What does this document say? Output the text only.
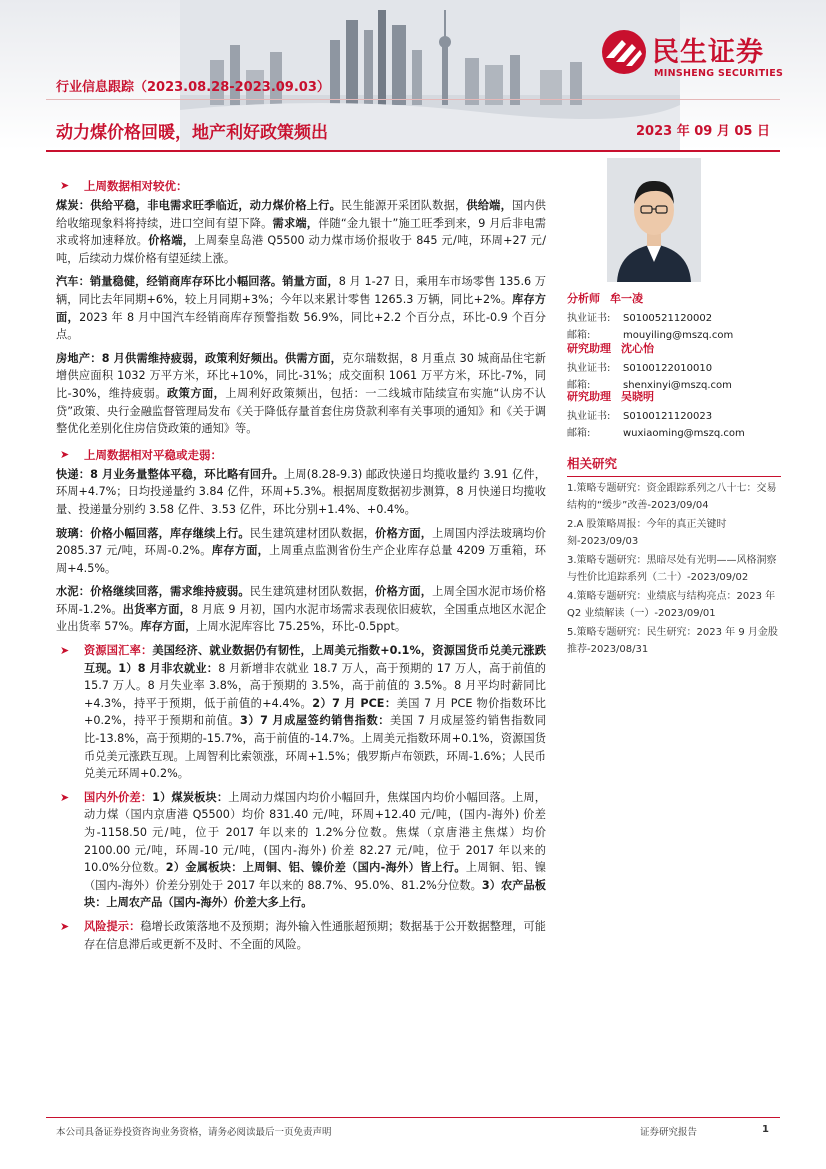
民生证券
MINSHENG SECURITIES
行业信息跟踪（2023.08.28-2023.09.03）
动力煤价格回暖，地产利好政策频出	2023 年 09 月 05 日
➤ 上周数据相对较优：
煤炭：供给平稳，非电需求旺季临近，动力煤价格上行。民生能源开采团队数据，供给端，国内供给收缩现象料将持续，进口空间有望下降。需求端，伴随“金九银十”施工旺季到来，9 月后非电需求或将加速释放。价格端，上周秦皇岛港 Q5500 动力煤市场价报收于 845 元/吨，环周+27 元/吨，后续动力煤价格有望延续上涨。
汽车：销量稳健，经销商库存环比小幅回落。销量方面，8 月 1-27 日，乘用车市场零售 135.6 万辆，同比去年同期+6%，较上月同期+3%；今年以来累计零售 1265.3 万辆，同比+2%。库存方面，2023 年 8 月中国汽车经销商库存预警指数 56.9%，同比+2.2 个百分点，环比-0.9 个百分点。
房地产：8 月供需维持疲弱，政策利好频出。供需方面，克尔瑞数据，8 月重点 30 城商品住宅新增供应面积 1032 万平方米，环比+10%，同比-31%；成交面积 1061 万平方米，环比-7%，同比-30%，维持疲弱。政策方面，上周利好政策频出，包括：一二线城市陆续宣布实施“认房不认贷”政策、央行金融监督管理局发布《关于降低存量首套住房贷款利率有关事项的通知》和《关于调整优化差别化住房信贷政策的通知》等。
➤ 上周数据相对平稳或走弱：
快递：8 月业务量整体平稳，环比略有回升。上周(8.28-9.3) 邮政快递日均揽收量约 3.91 亿件，环周+4.7%；日均投递量约 3.84 亿件，环周+5.3%。根据周度数据初步测算，8 月快递日均揽收量、投递量分别约 3.58 亿件、3.53 亿件，环比分别+1.4%、+0.4%。
玻璃：价格小幅回落，库存继续上行。民生建筑建材团队数据，价格方面，上周国内浮法玻璃均价 2085.37 元/吨，环周-0.2%。库存方面，上周重点监测省份生产企业库存总量 4209 万重箱，环周+4.5%。
水泥：价格继续回落，需求维持疲弱。民生建筑建材团队数据，价格方面，上周全国水泥市场价格环周-1.2%。出货率方面，8 月底 9 月初，国内水泥市场需求表现依旧疲软，全国重点地区水泥企业出货率 57%。库存方面，上周水泥库容比 75.25%，环比-0.5ppt。
➤ 资源国汇率：美国经济、就业数据仍有韧性，上周美元指数+0.1%，资源国货币兑美元涨跌互现。1）8 月非农就业：8 月新增非农就业 18.7 万人，高于预期的 17 万人，高于前值的 15.7 万人。8 月失业率 3.8%，高于预期的 3.5%，高于前值的 3.5%。8 月平均时薪同比+4.3%，持平于预期，低于前值的+4.4%。2）7 月 PCE：美国 7 月 PCE 物价指数环比+0.2%，持平于预期和前值。3）7 月成屋签约销售指数：美国 7 月成屋签约销售指数同比-13.8%，高于预期的-15.7%，高于前值的-14.7%。上周美元指数环周+0.1%，资源国货币兑美元涨跌互现。上周智利比索领涨，环周+1.5%；俄罗斯卢布领跌，环周-1.6%；人民币兑美元环周+0.2%。
➤ 国内外价差：1）煤炭板块：上周动力煤国内均价小幅回升，焦煤国内均价小幅回落。上周，动力煤（国内京唐港 Q5500）均价 831.40 元/吨，环周+12.40 元/吨，(国内-海外) 价差为-1158.50 元/吨，位于 2017 年以来的 1.2%分位数。焦煤（京唐港主焦煤）均价 2100.00 元/吨，环周-10 元/吨，(国内-海外) 价差 82.27 元/吨，位于 2017 年以来的 10.0%分位数。2）金属板块：上周铜、铝、镍价差（国内-海外）皆上行。上周铜、铝、镍（国内-海外）价差分别处于 2017 年以来的 88.7%、95.0%、81.2%分位数。3）农产品板块：上周农产品（国内-海外）价差大多上行。
➤ 风险提示：稳增长政策落地不及预期；海外输入性通胀超预期；数据基于公开数据整理，可能存在信息滞后或更新不及时、不全面的风险。
分析师 牟一凌
执业证书: S0100521120002
邮箱:	mouyiling@mszq.com
研究助理 沈心怡
执业证书: S0100122010010
邮箱:	shenxinyi@mszq.com
研究助理 吴晓明
执业证书: S0100121120023
邮箱:	wuxiaoming@mszq.com
相关研究
1.策略专题研究：资金跟踪系列之八十七：交易结构的“缓步”改善-2023/09/04
2.A 股策略周报：今年的真正关键时刻-2023/09/03
3.策略专题研究：黑暗尽处有光明——风格洞察与性价比追踪系列（二十）-2023/09/02
4.策略专题研究：业绩底与结构亮点：2023 年 Q2 业绩解读（一）-2023/09/01
5.策略专题研究：民生研究：2023 年 9 月金股推荐-2023/08/31
本公司具备证券投资咨询业务资格，请务必阅读最后一页免责声明	证券研究报告	1
